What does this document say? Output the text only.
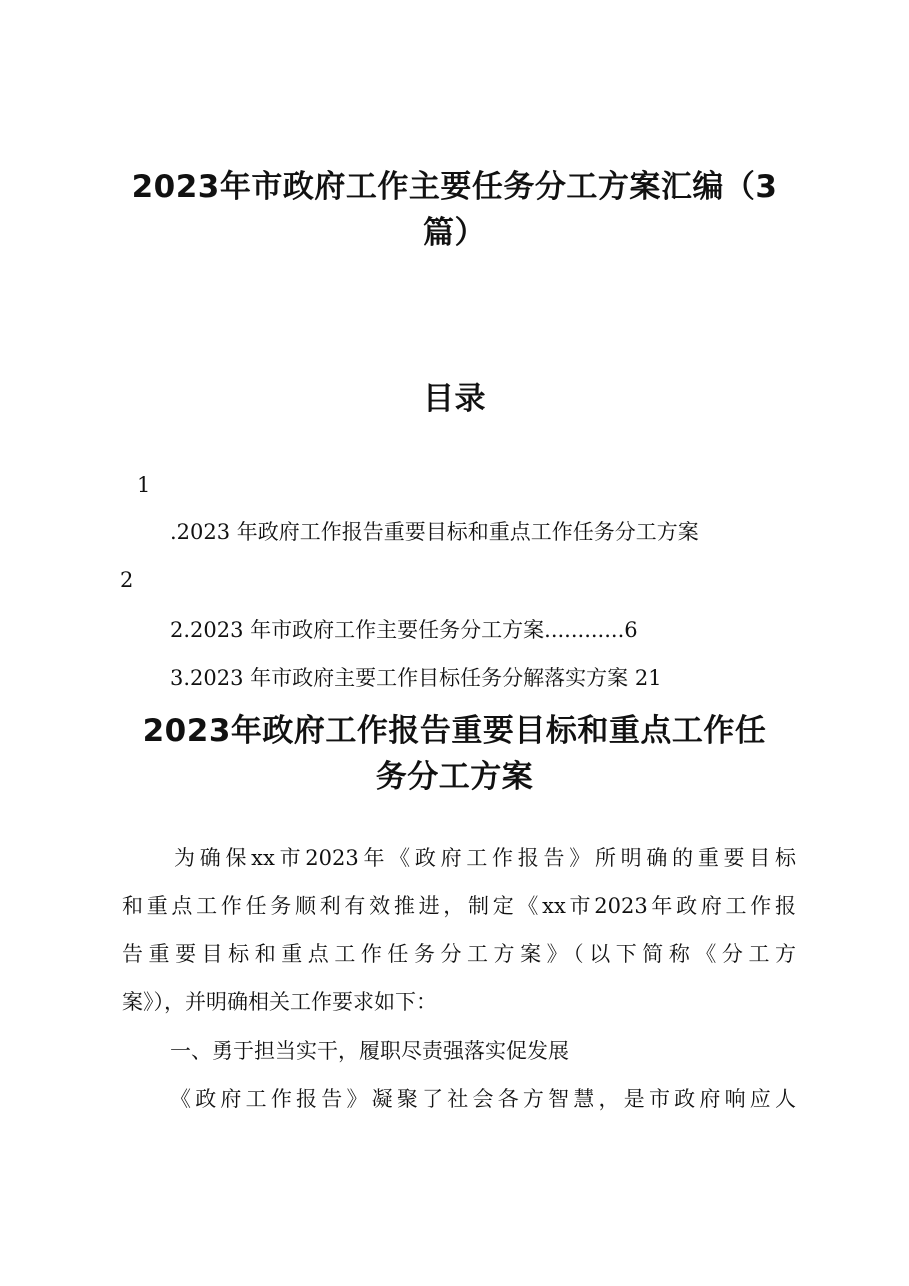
2023年市政府工作主要任务分工方案汇编（3
篇）
目录
1
.2023 年政府工作报告重要目标和重点工作任务分工方案
2
2.2023 年市政府工作主要任务分工方案............6
3.2023 年市政府主要工作目标任务分解落实方案 21
2023年政府工作报告重要目标和重点工作任
务分工方案
为确保xx市2023年《政府工作报告》所明确的重要目标
和重点工作任务顺利有效推进，制定《xx市2023年政府工作报
告重要目标和重点工作任务分工方案》（以下简称《分工方
案》），并明确相关工作要求如下：
一、勇于担当实干，履职尽责强落实促发展
《政府工作报告》凝聚了社会各方智慧，是市政府响应人
